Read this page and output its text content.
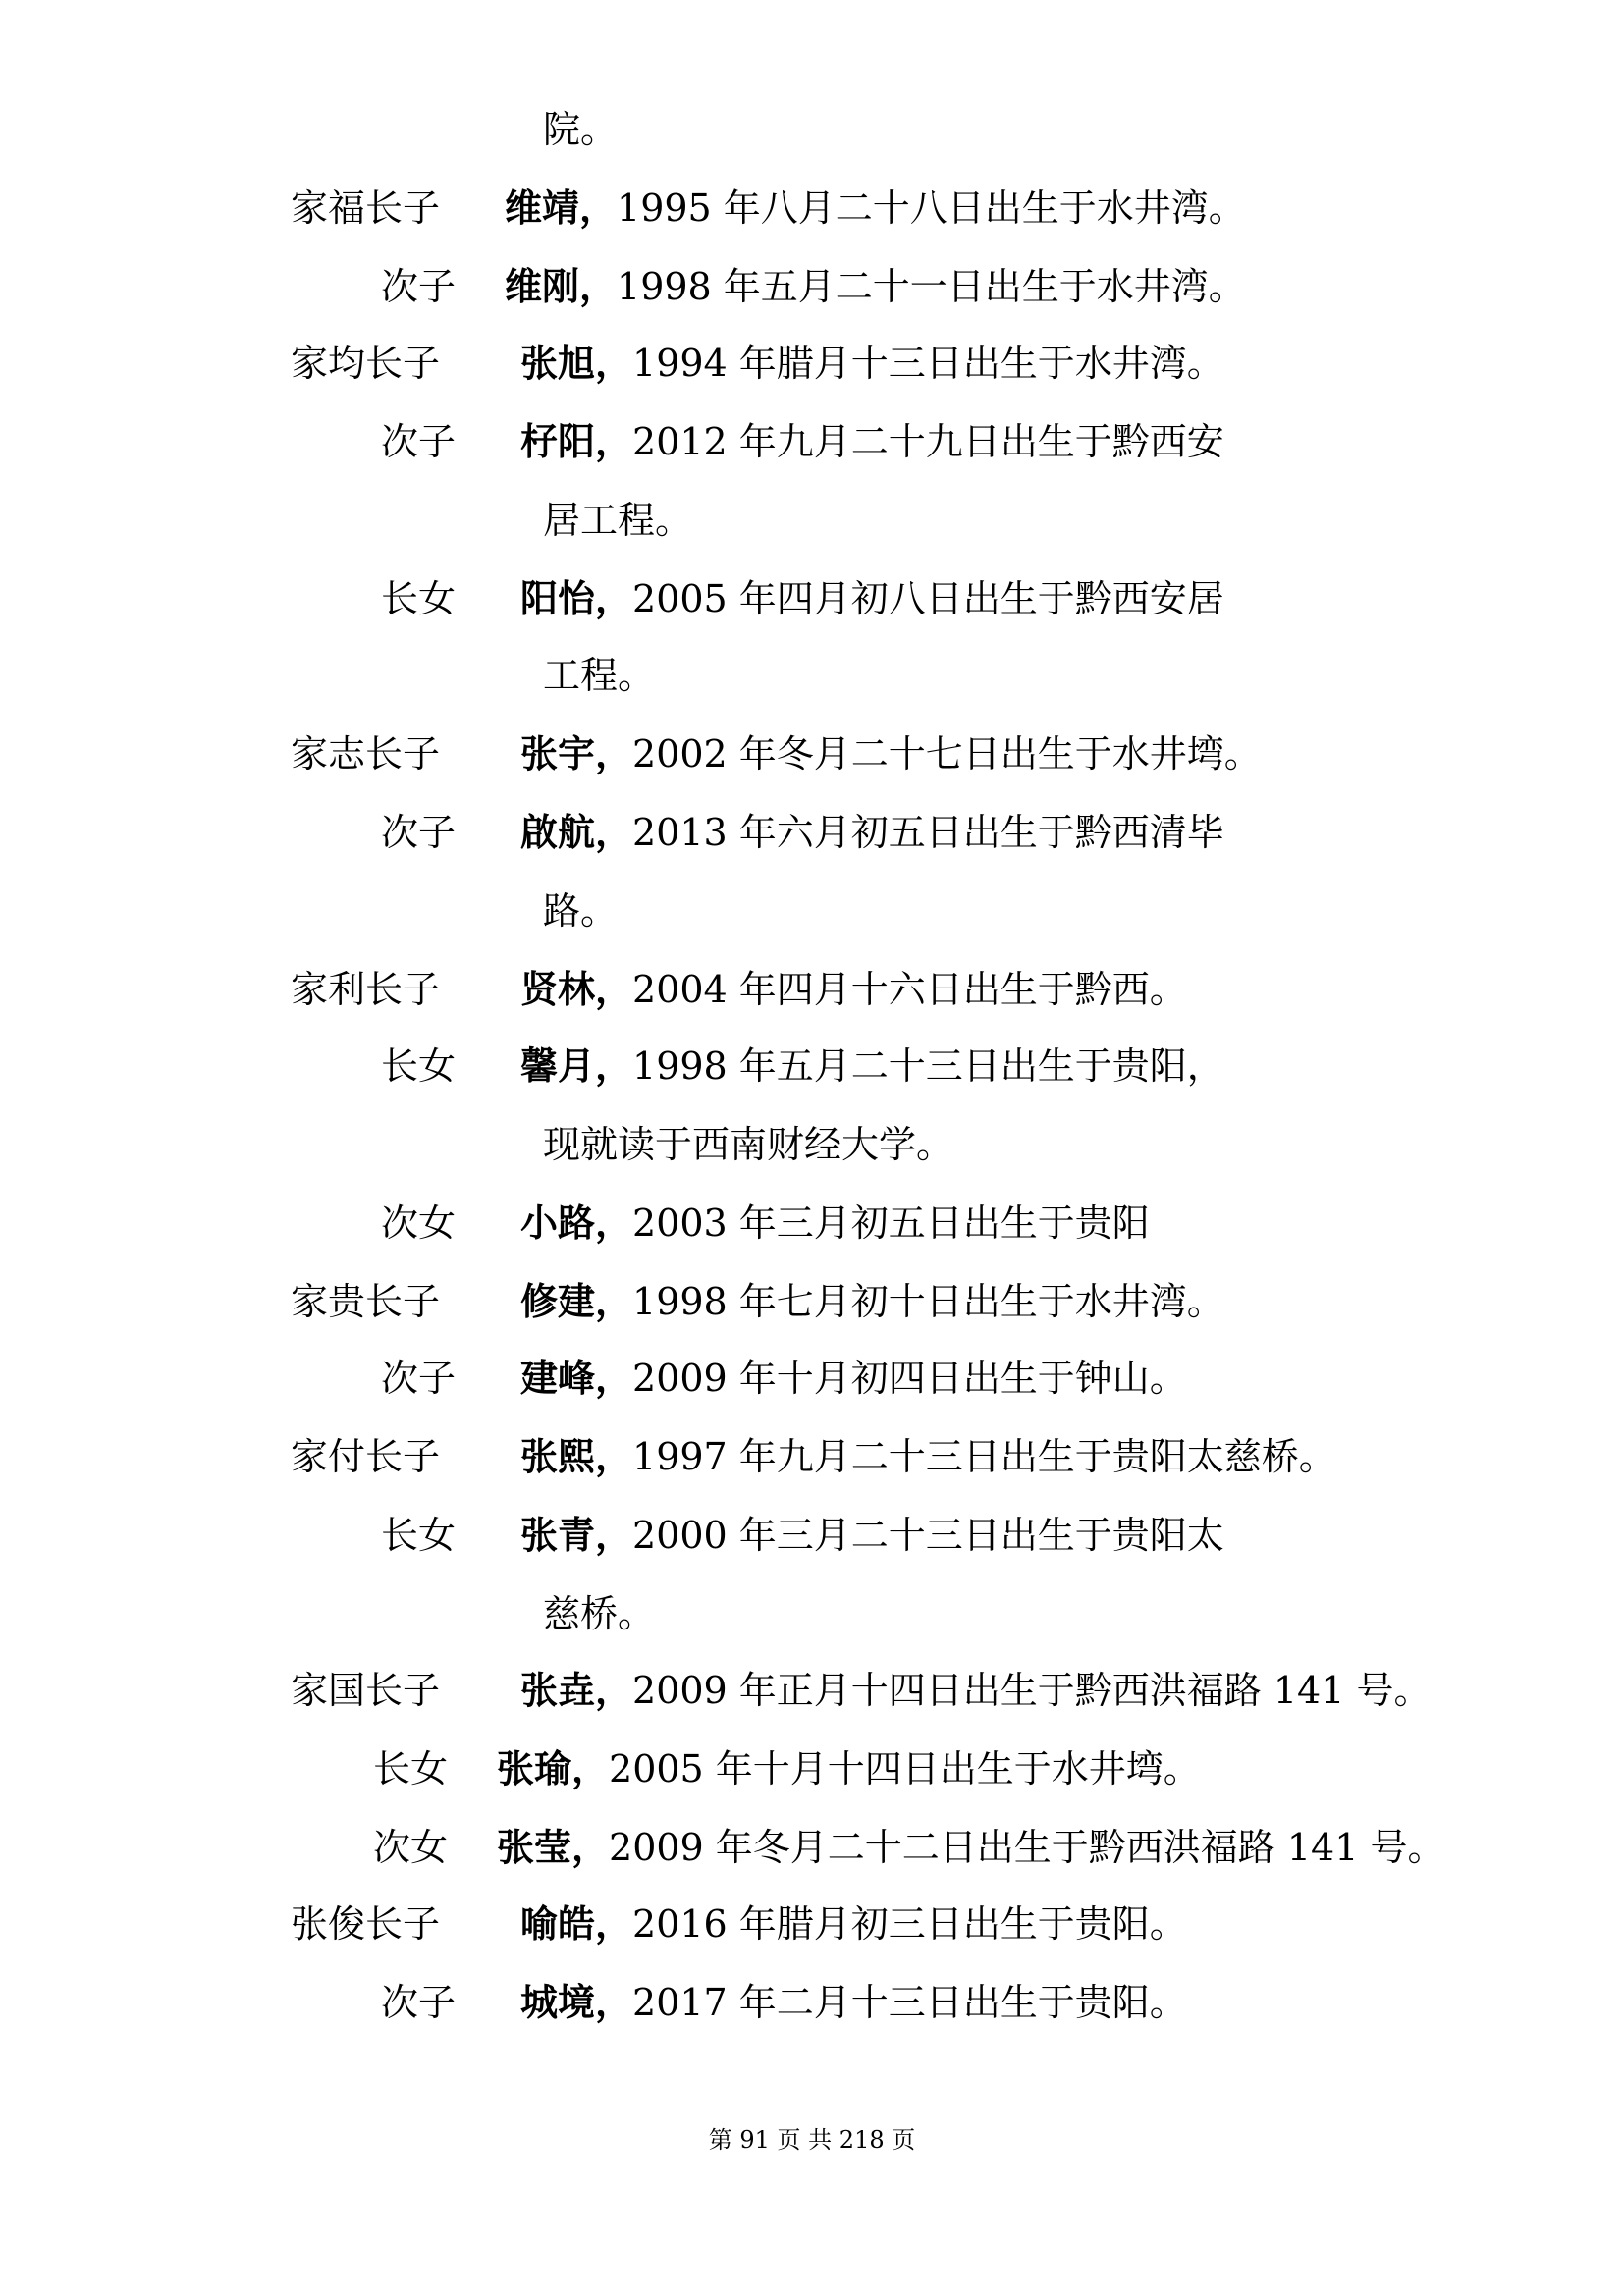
院。
家福长子 维靖，1995 年八月二十八日出生于水井湾。
次子 维刚，1998 年五月二十一日出生于水井湾。
家均长子 张旭，1994 年腊月十三日出生于水井湾。
次子 杍阳，2012 年九月二十九日出生于黔西安
居工程。
长女 阳怡，2005 年四月初八日出生于黔西安居
工程。
家志长子 张宇，2002 年冬月二十七日出生于水井塆。
次子 啟航，2013 年六月初五日出生于黔西清毕
路。
家利长子 贤林，2004 年四月十六日出生于黔西。
长女 馨月，1998 年五月二十三日出生于贵阳，
现就读于西南财经大学。
次女 小路，2003 年三月初五日出生于贵阳
家贵长子 修建，1998 年七月初十日出生于水井湾。
次子 建峰，2009 年十月初四日出生于钟山。
家付长子 张熙，1997 年九月二十三日出生于贵阳太慈桥。
长女 张青，2000 年三月二十三日出生于贵阳太
慈桥。
家国长子 张垚，2009 年正月十四日出生于黔西洪福路 141 号。
长女 张瑜，2005 年十月十四日出生于水井塆。
次女 张莹，2009 年冬月二十二日出生于黔西洪福路 141 号。
张俊长子 喻皓，2016 年腊月初三日出生于贵阳。
次子 城境，2017 年二月十三日出生于贵阳。
第 91 页 共 218 页
